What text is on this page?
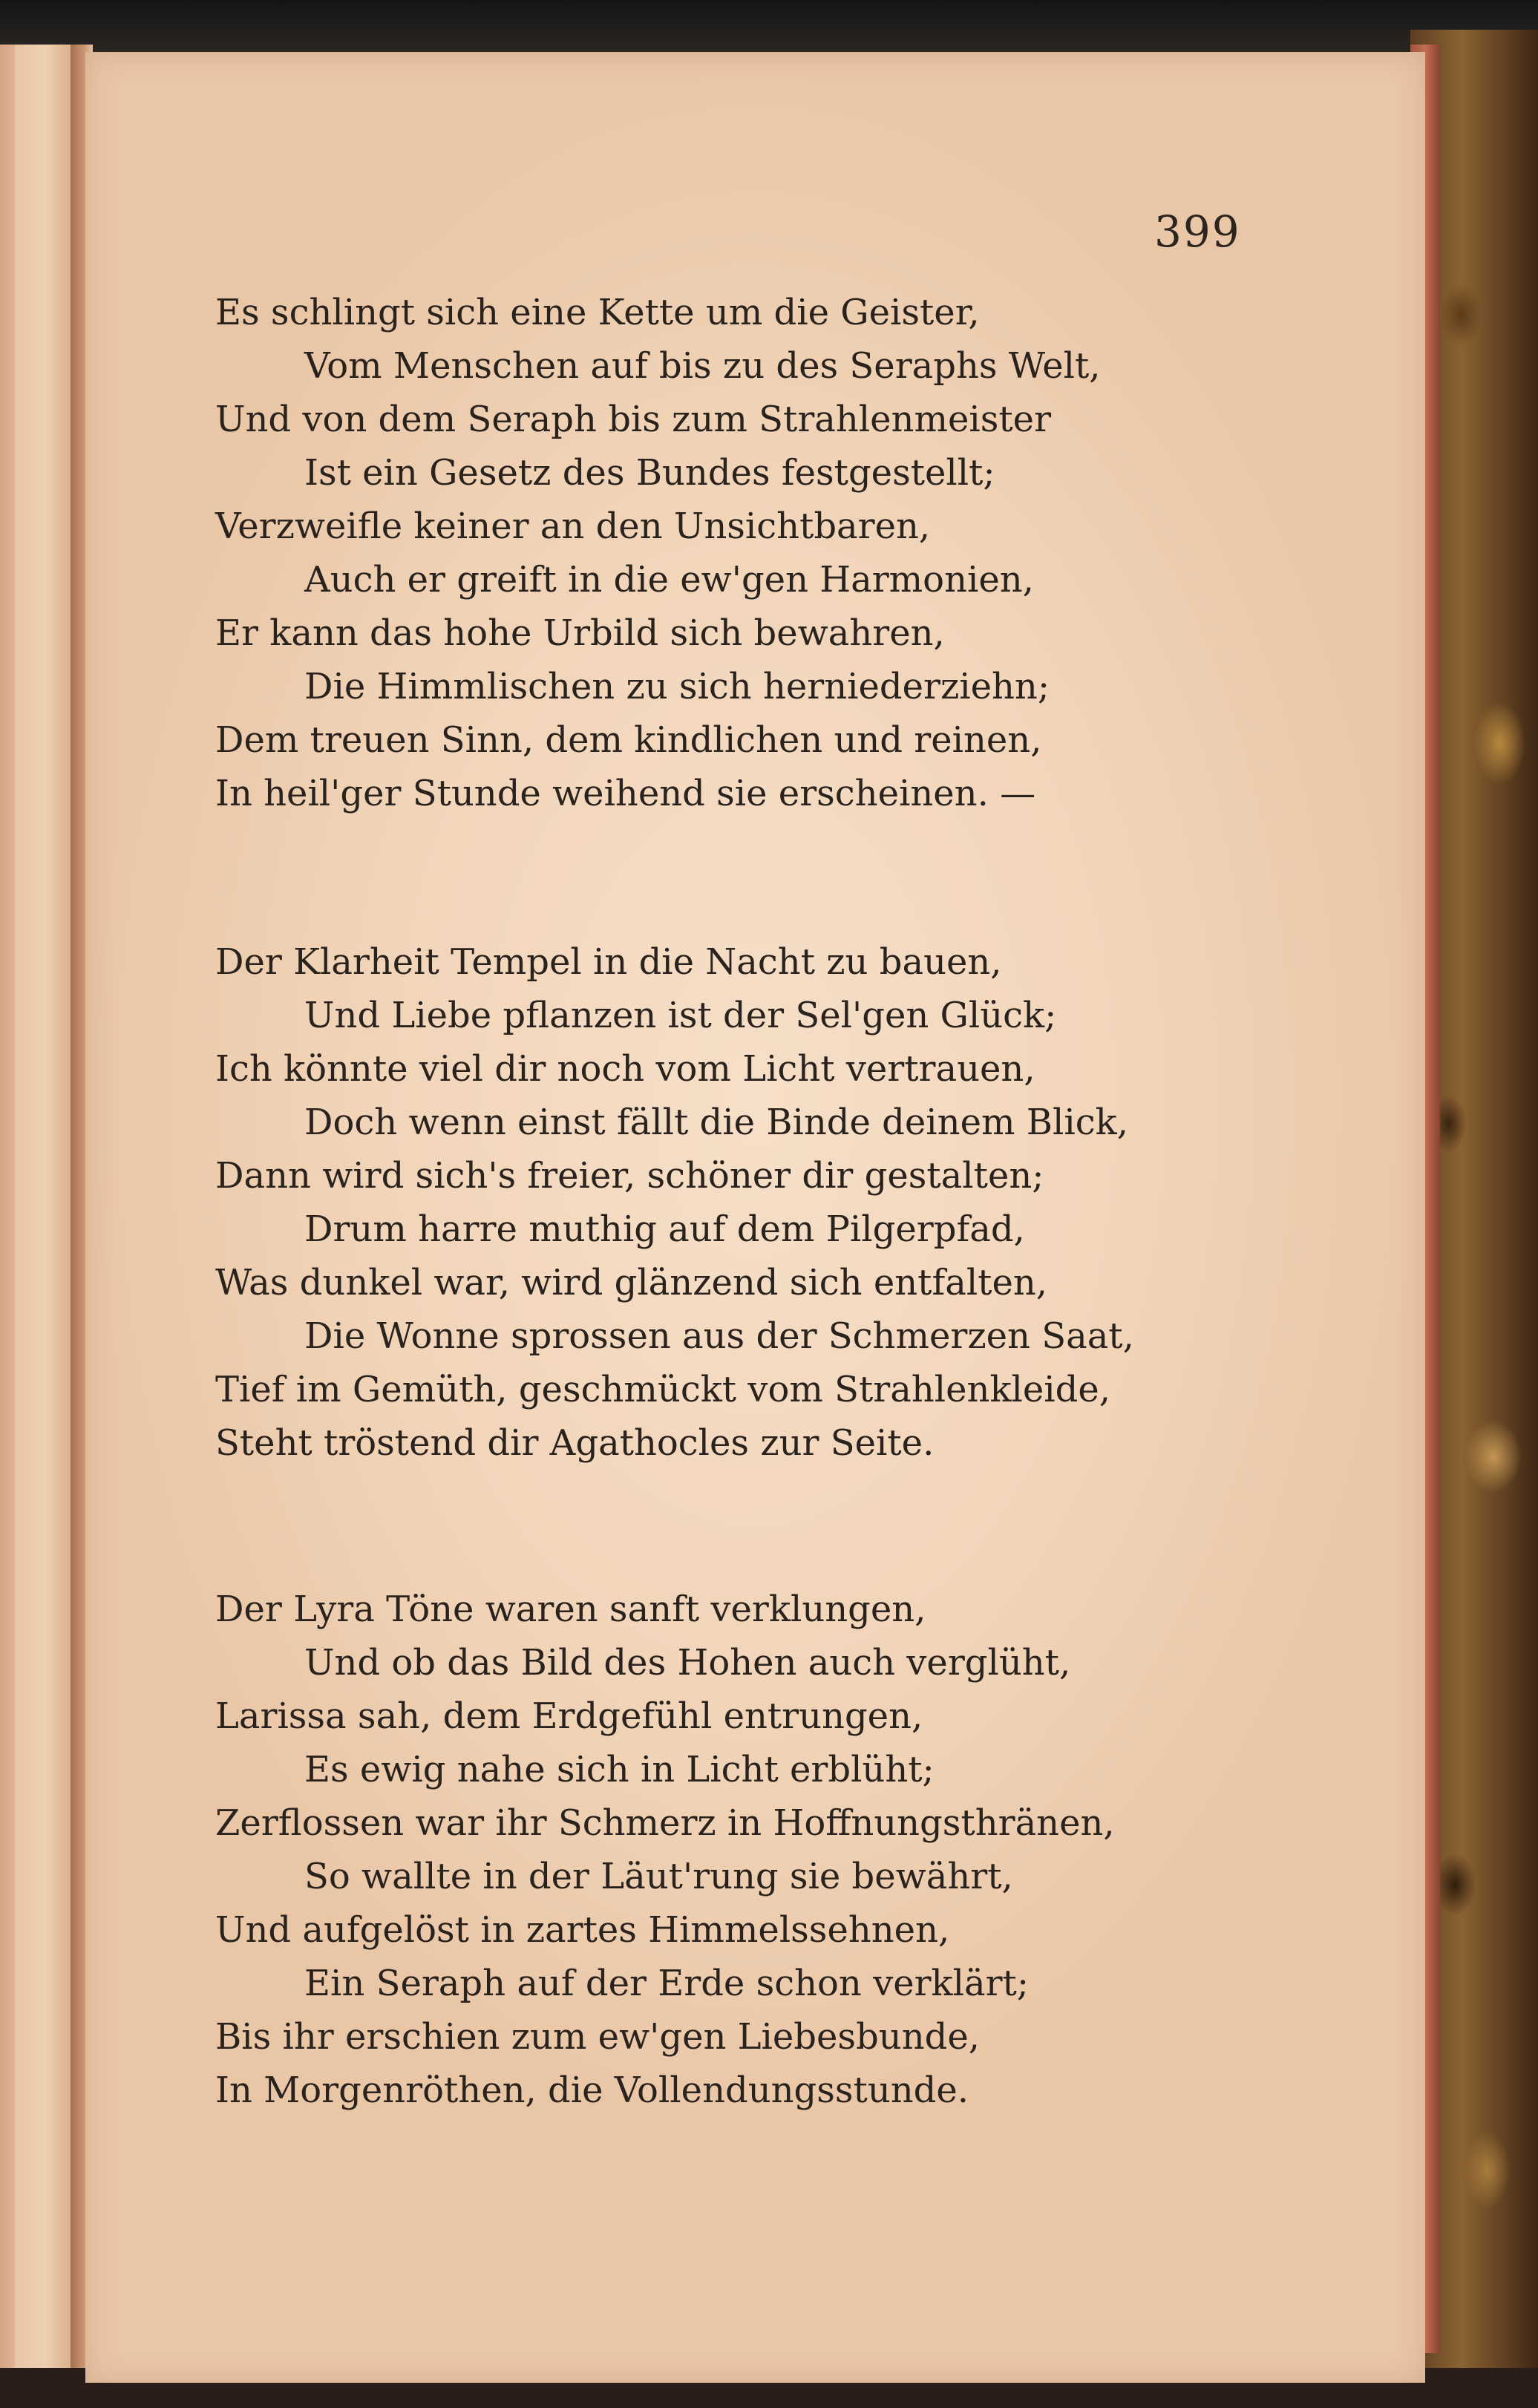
399
Es schlingt sich eine Kette um die Geister,
Vom Menschen auf bis zu des Seraphs Welt,
Und von dem Seraph bis zum Strahlenmeister
Ist ein Gesetz des Bundes festgestellt;
Verzweifle keiner an den Unsichtbaren,
Auch er greift in die ew'gen Harmonien,
Er kann das hohe Urbild sich bewahren,
Die Himmlischen zu sich herniederziehn;
Dem treuen Sinn, dem kindlichen und reinen,
In heil'ger Stunde weihend sie erscheinen. —
Der Klarheit Tempel in die Nacht zu bauen,
Und Liebe pflanzen ist der Sel'gen Glück;
Ich könnte viel dir noch vom Licht vertrauen,
Doch wenn einst fällt die Binde deinem Blick,
Dann wird sich's freier, schöner dir gestalten;
Drum harre muthig auf dem Pilgerpfad,
Was dunkel war, wird glänzend sich entfalten,
Die Wonne sprossen aus der Schmerzen Saat,
Tief im Gemüth, geschmückt vom Strahlenkleide,
Steht tröstend dir Agathocles zur Seite.
Der Lyra Töne waren sanft verklungen,
Und ob das Bild des Hohen auch verglüht,
Larissa sah, dem Erdgefühl entrungen,
Es ewig nahe sich in Licht erblüht;
Zerflossen war ihr Schmerz in Hoffnungsthränen,
So wallte in der Läut'rung sie bewährt,
Und aufgelöst in zartes Himmelssehnen,
Ein Seraph auf der Erde schon verklärt;
Bis ihr erschien zum ew'gen Liebesbunde,
In Morgenröthen, die Vollendungsstunde.
